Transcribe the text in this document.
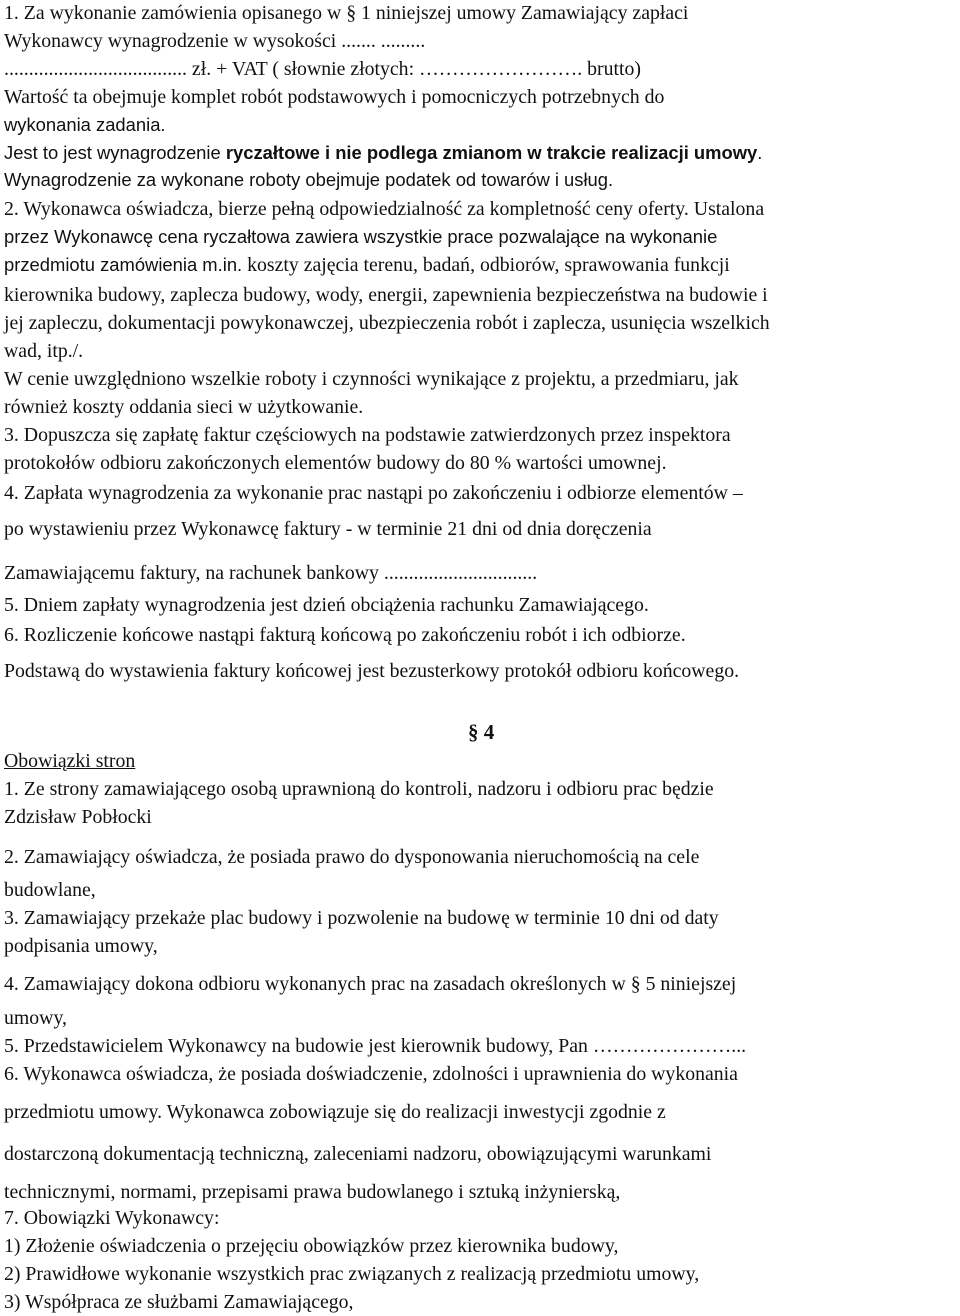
1. Za wykonanie zamówienia opisanego w § 1 niniejszej umowy Zamawiający zapłaci

Wykonawcy wynagrodzenie w wysokości ....... .........

..................................... zł. + VAT ( słownie złotych: ……………………. brutto)

Wartość ta obejmuje komplet robót podstawowych i pomocniczych potrzebnych do

wykonania zadania.

Jest to jest wynagrodzenie ryczałtowe i nie podlega zmianom w trakcie realizacji umowy.

Wynagrodzenie za wykonane roboty obejmuje podatek od towarów i usług.

2. Wykonawca oświadcza, bierze pełną odpowiedzialność za kompletność ceny oferty. Ustalona

przez Wykonawcę cena ryczałtowa zawiera wszystkie prace pozwalające na wykonanie

przedmiotu zamówienia m.in. koszty zajęcia terenu, badań, odbiorów, sprawowania funkcji

kierownika budowy, zaplecza budowy, wody, energii, zapewnienia bezpieczeństwa na budowie i

jej zapleczu, dokumentacji powykonawczej, ubezpieczenia robót i zaplecza, usunięcia wszelkich

wad, itp./.

W cenie uwzględniono wszelkie roboty i czynności wynikające z projektu, a przedmiaru, jak

również koszty oddania sieci w użytkowanie.

3. Dopuszcza się zapłatę faktur częściowych na podstawie zatwierdzonych przez inspektora

protokołów odbioru zakończonych elementów budowy do 80 % wartości umownej.

4. Zapłata wynagrodzenia za wykonanie prac nastąpi po zakończeniu i odbiorze elementów –

po wystawieniu przez Wykonawcę faktury - w terminie 21 dni od dnia doręczenia

Zamawiającemu faktury, na rachunek bankowy ...............................

5. Dniem zapłaty wynagrodzenia jest dzień obciążenia rachunku Zamawiającego.

6. Rozliczenie końcowe nastąpi fakturą końcową po zakończeniu robót i ich odbiorze.

Podstawą do wystawienia faktury końcowej jest bezusterkowy protokół odbioru końcowego.

§ 4

Obowiązki stron

1. Ze strony zamawiającego osobą uprawnioną do kontroli, nadzoru i odbioru prac będzie

Zdzisław Pobłocki

2. Zamawiający oświadcza, że posiada prawo do dysponowania nieruchomością na cele

budowlane,

3. Zamawiający przekaże plac budowy i pozwolenie na budowę w terminie 10 dni od daty

podpisania umowy,

4. Zamawiający dokona odbioru wykonanych prac na zasadach określonych w § 5 niniejszej

umowy,

5. Przedstawicielem Wykonawcy na budowie jest kierownik budowy, Pan …………………...

6. Wykonawca oświadcza, że posiada doświadczenie, zdolności i uprawnienia do wykonania

przedmiotu umowy. Wykonawca zobowiązuje się do realizacji inwestycji zgodnie z

dostarczoną dokumentacją techniczną, zaleceniami nadzoru, obowiązującymi warunkami

technicznymi, normami, przepisami prawa budowlanego i sztuką inżynierską,

7. Obowiązki Wykonawcy:

1) Złożenie oświadczenia o przejęciu obowiązków przez kierownika budowy,

2) Prawidłowe wykonanie wszystkich prac związanych z realizacją przedmiotu umowy,

3) Współpraca ze służbami Zamawiającego,
